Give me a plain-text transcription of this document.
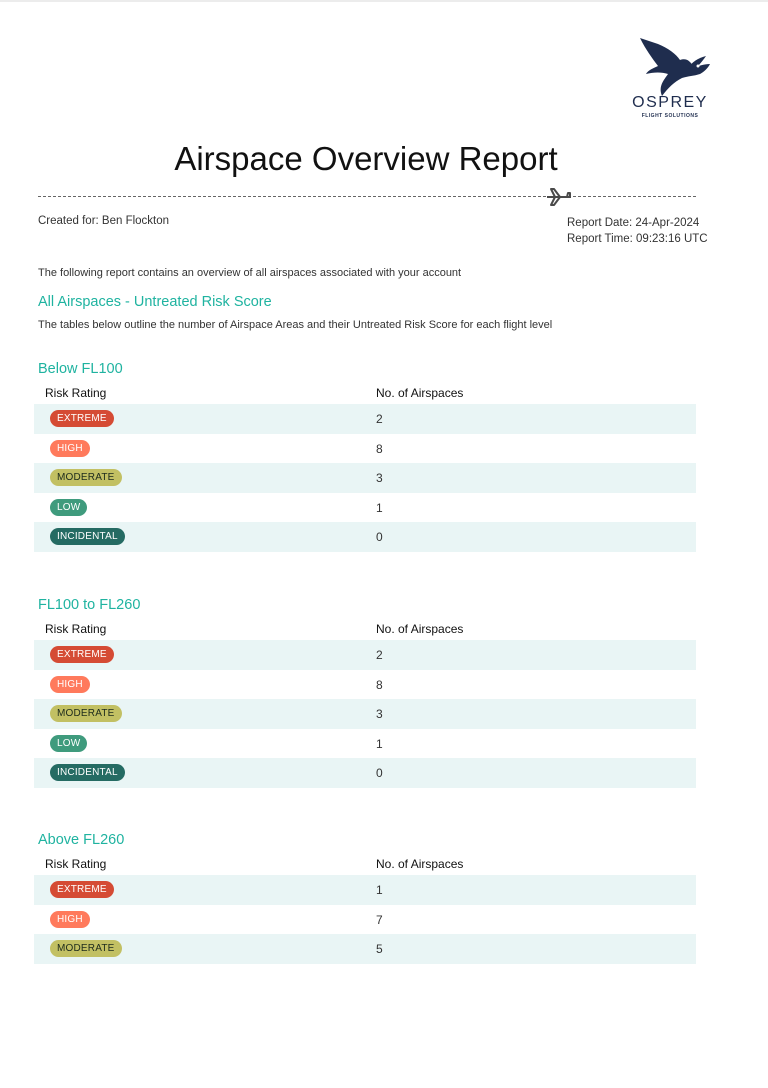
OSPREY
FLIGHT SOLUTIONS
Airspace Overview Report
Created for: Ben Flockton	Report Date: 24-Apr-2024
Report Time: 09:23:16 UTC
The following report contains an overview of all airspaces associated with your account
All Airspaces - Untreated Risk Score
The tables below outline the number of Airspace Areas and their Untreated Risk Score for each flight level
Below FL100
Risk Rating	No. of Airspaces
EXTREME	2
HIGH	8
MODERATE	3
LOW	1
INCIDENTAL	0
FL100 to FL260
Risk Rating	No. of Airspaces
EXTREME	2
HIGH	8
MODERATE	3
LOW	1
INCIDENTAL	0
Above FL260
Risk Rating	No. of Airspaces
EXTREME	1
HIGH	7
MODERATE	5
